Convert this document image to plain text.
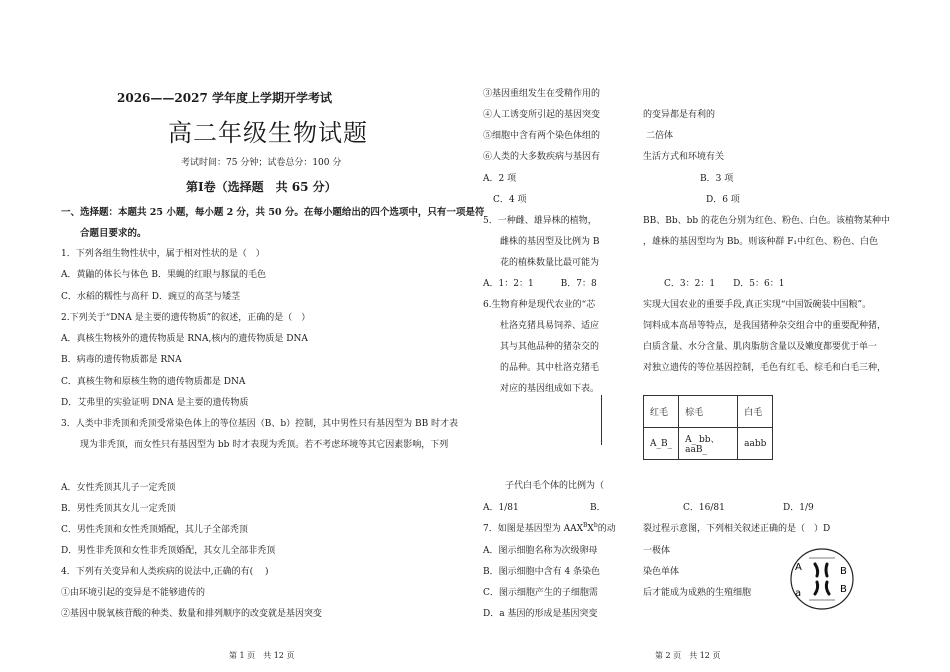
2026——2027 学年度上学期开学考试
高二年级生物试题
考试时间：75 分钟；试卷总分：100 分
第Ⅰ卷（选择题　共 65 分）
一、选择题：本题共 25 小题，每小题 2 分，共 50 分。在每小题给出的四个选项中，只有一项是符
合题目要求的。
1．下列各组生物性状中，属于相对性状的是（　）
A．黄鼬的体长与体色 B．果蝇的红眼与豚鼠的毛色
C．水稻的糯性与高秆 D．豌豆的高茎与矮茎
2.下列关于“DNA 是主要的遗传物质”的叙述，正确的是（　）
A．真核生物核外的遗传物质是 RNA,核内的遗传物质是 DNA
B．病毒的遗传物质都是 RNA
C．真核生物和原核生物的遗传物质都是 DNA
D．艾弗里的实验证明 DNA 是主要的遗传物质
3．人类中非秃顶和秃顶受常染色体上的等位基因（B、b）控制，其中男性只有基因型为 BB 时才表
现为非秃顶，而女性只有基因型为 bb 时才表现为秃顶。若不考虑环境等其它因素影响，下列
A．女性秃顶其儿子一定秃顶
B．男性秃顶其女儿一定秃顶
C．男性秃顶和女性秃顶婚配，其儿子全部秃顶
D．男性非秃顶和女性非秃顶婚配，其女儿全部非秃顶
4．下列有关变异和人类疾病的说法中,正确的有(　 )
①由环境引起的变异是不能够遗传的
②基因中脱氧核苷酸的种类、数量和排列顺序的改变就是基因突变
第 1 页　共 12 页
③基因重组发生在受精作用的
④人工诱变所引起的基因突变	的变异都是有利的
⑤细胞中含有两个染色体组的	二倍体
⑥人类的大多数疾病与基因有	生活方式和环境有关
A．2 项	B．3 项
C．4 项	D．6 项
5．一种雌、雄异株的植物，	BB、Bb、bb 的花色分别为红色、粉色、白色。该植物某种中
雌株的基因型及比例为 B	，雄株的基因型均为 Bb。则该种群 F₁中红色、粉色、白色
花的植株数量比最可能为
A．1：2：1　　　B．7：8	C．3：2：1　　D．5：6：1
6.生物育种是现代农业的“芯	实现大国农业的重要手段,真正实现“中国饭碗装中国粮”。
杜洛克猪具易饲养、适应	饲料成本高昂等特点，是我国猪种杂交组合中的重要配种猪，
其与其他品种的猪杂交的	白质含量、水分含量、肌肉脂肪含量以及嫩度都要优于单一
的品种。其中杜洛克猪毛	对独立遗传的等位基因控制，毛色有红毛、棕毛和白毛三种，
对应的基因组成如下表。
	红毛	棕毛	白毛
	A_B_	A_ bb、aaB_	aabb
子代白毛个体的比例为（
A．1/81	B．	C．16/81	D．1/9
7．如图是基因型为 $AAX^BX^b$的动	裂过程示意图，下列相关叙述正确的是（　）D
A．图示细胞名称为次级卵母	一极体
B．图示细胞中含有 4 条染色	染色单体
C．图示细胞产生的子细胞需	后才能成为成熟的生殖细胞
D．a 基因的形成是基因突变
A	B
a	B
第 2 页　共 12 页
